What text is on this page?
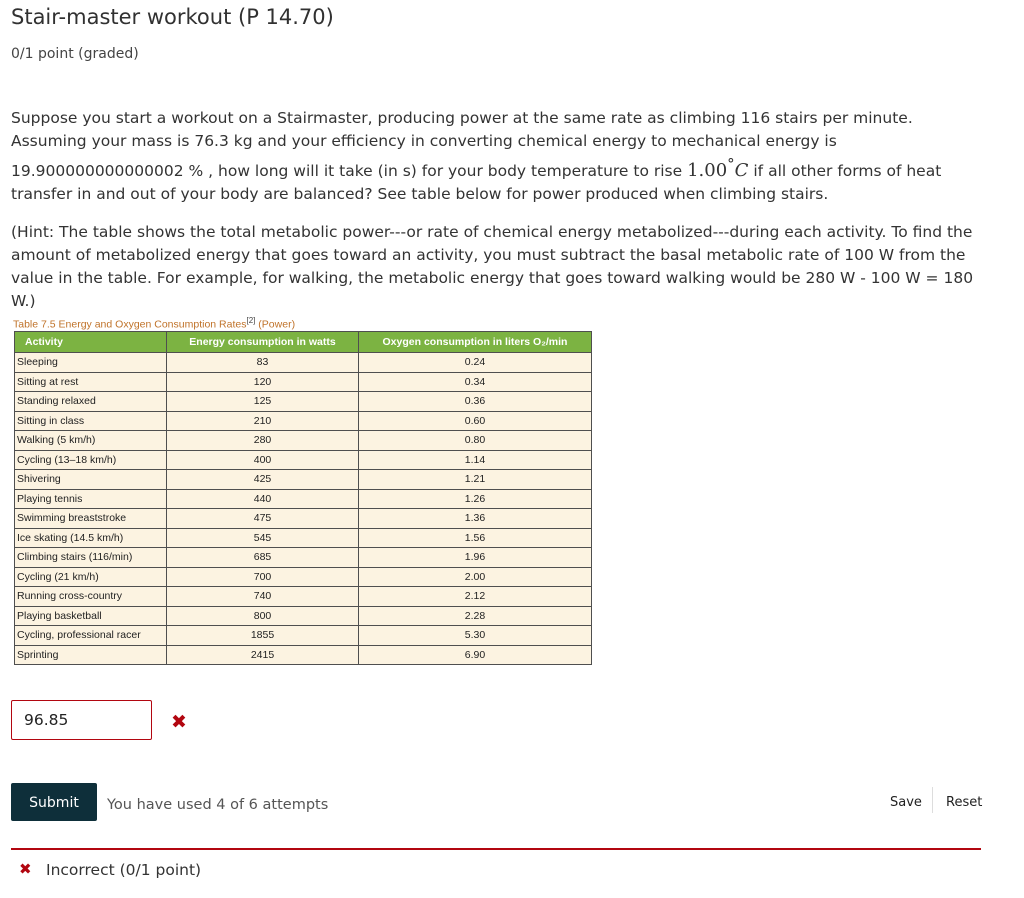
Stair-master workout (P 14.70)
0/1 point (graded)

Suppose you start a workout on a Stairmaster, producing power at the same rate as climbing 116 stairs per minute. Assuming your mass is 76.3 kg and your efficiency in converting chemical energy to mechanical energy is 19.900000000000002 % , how long will it take (in s) for your body temperature to rise 1.00°C if all other forms of heat transfer in and out of your body are balanced? See table below for power produced when climbing stairs.

(Hint: The table shows the total metabolic power---or rate of chemical energy metabolized---during each activity. To find the amount of metabolized energy that goes toward an activity, you must subtract the basal metabolic rate of 100 W from the value in the table. For example, for walking, the metabolic energy that goes toward walking would be 280 W - 100 W = 180 W.)

Table 7.5 Energy and Oxygen Consumption Rates[2] (Power)
Activity	Energy consumption in watts	Oxygen consumption in liters O₂/min
Sleeping	83	0.24
Sitting at rest	120	0.34
Standing relaxed	125	0.36
Sitting in class	210	0.60
Walking (5 km/h)	280	0.80
Cycling (13–18 km/h)	400	1.14
Shivering	425	1.21
Playing tennis	440	1.26
Swimming breaststroke	475	1.36
Ice skating (14.5 km/h)	545	1.56
Climbing stairs (116/min)	685	1.96
Cycling (21 km/h)	700	2.00
Running cross-country	740	2.12
Playing basketball	800	2.28
Cycling, professional racer	1855	5.30
Sprinting	2415	6.90
96.85	✖
Submit	You have used 4 of 6 attempts	Save Reset
✖ Incorrect (0/1 point)
